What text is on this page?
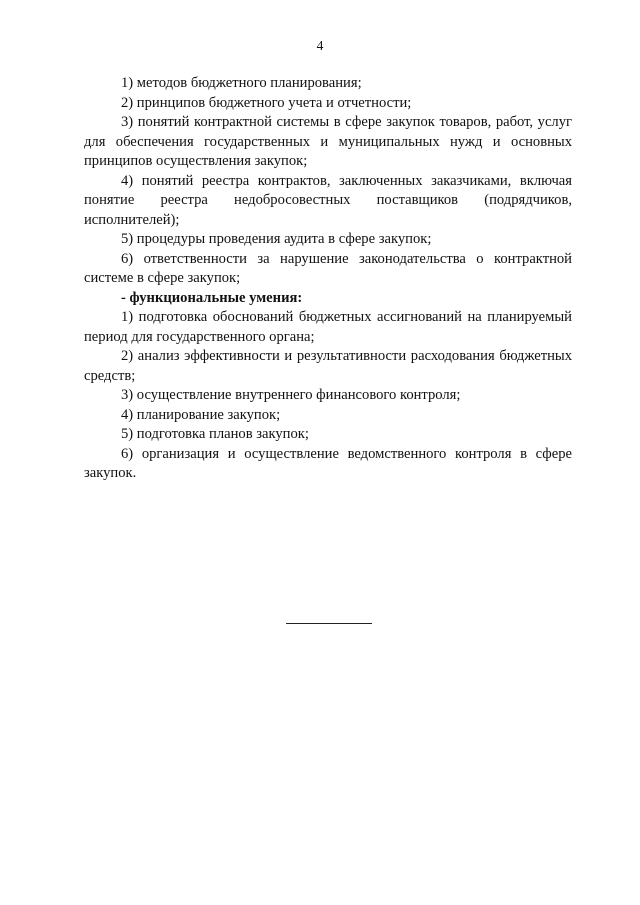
4

1) методов бюджетного планирования;

2) принципов бюджетного учета и отчетности;

3) понятий контрактной системы в сфере закупок товаров, работ, услуг для обеспечения государственных и муниципальных нужд и основных принципов осуществления закупок;

4) понятий реестра контрактов, заключенных заказчиками, включая понятие реестра недобросовестных поставщиков (подрядчиков, исполнителей);

5) процедуры проведения аудита в сфере закупок;

6) ответственности за нарушение законодательства о контрактной системе в сфере закупок;

- функциональные умения:

1) подготовка обоснований бюджетных ассигнований на планируемый период для государственного органа;

2) анализ эффективности и результативности расходования бюджетных средств;

3) осуществление внутреннего финансового контроля;

4) планирование закупок;

5) подготовка планов закупок;

6) организация и осуществление ведомственного контроля в сфере закупок.
